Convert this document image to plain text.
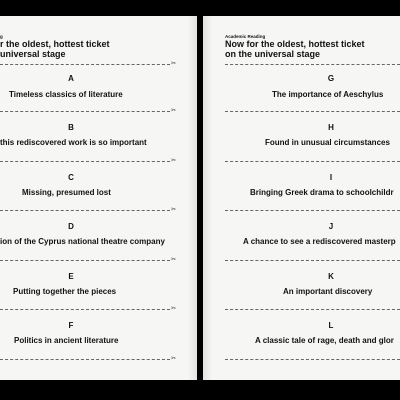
g
r the oldest, hottest ticket
universal stage
✂
A
Timeless classics of literature
✂
B
this rediscovered work is so important
✂
C
Missing, presumed lost
✂
D
ion of the Cyprus national theatre company
✂
E
Putting together the pieces
✂
F
Politics in ancient literature
✂
Academic Reading
Now for the oldest, hottest ticket
on the universal stage
G
The importance of Aeschylus
H
Found in unusual circumstances
I
Bringing Greek drama to schoolchildr
J
A chance to see a rediscovered masterp
K
An important discovery
L
A classic tale of rage, death and glor
